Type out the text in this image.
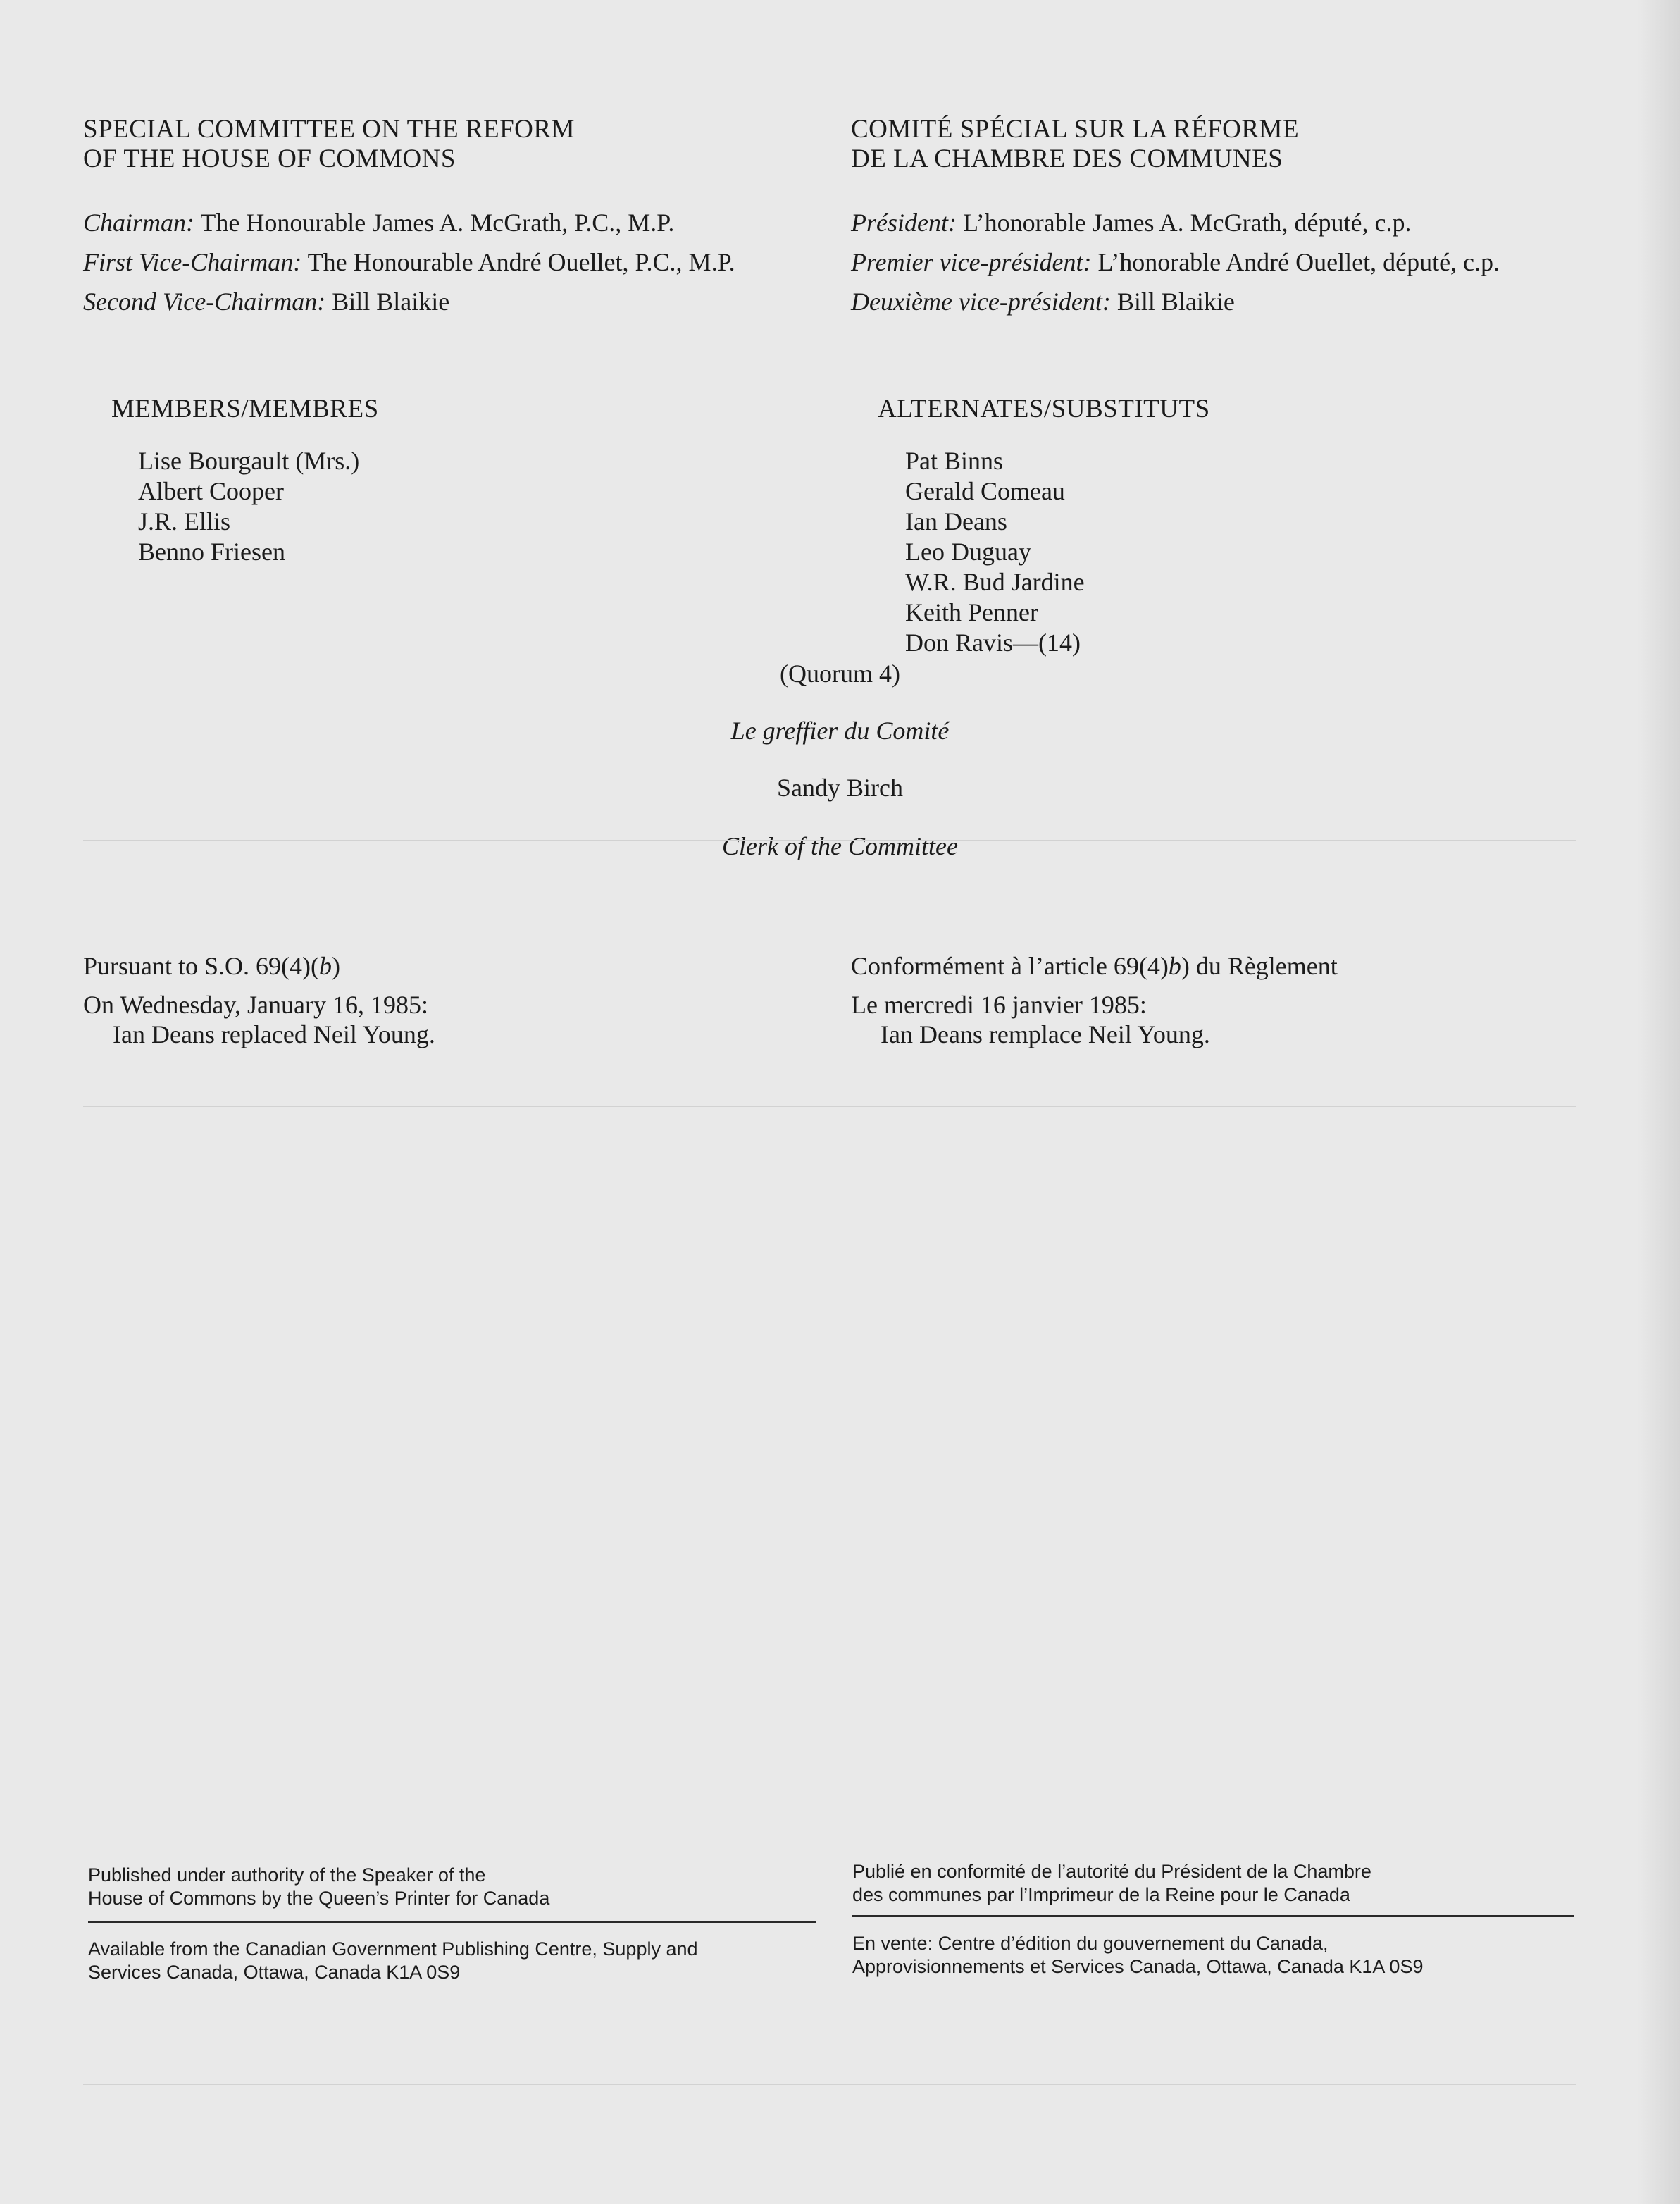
SPECIAL COMMITTEE ON THE REFORM

OF THE HOUSE OF COMMONS

Chairman: The Honourable James A. McGrath, P.C., M.P.

First Vice-Chairman: The Honourable André Ouellet, P.C., M.P.

Second Vice-Chairman: Bill Blaikie

MEMBERS/MEMBRES

Lise Bourgault (Mrs.)
Albert Cooper
J.R. Ellis
Benno Friesen

COMITÉ SPÉCIAL SUR LA RÉFORME

DE LA CHAMBRE DES COMMUNES

Président: L’honorable James A. McGrath, député, c.p.

Premier vice-président: L’honorable André Ouellet, député, c.p.

Deuxième vice-président: Bill Blaikie

ALTERNATES/SUBSTITUTS

Pat Binns
Gerald Comeau
Ian Deans
Leo Duguay
W.R. Bud Jardine
Keith Penner
Don Ravis—(14)
(Quorum 4)
Le greffier du Comité
Sandy Birch
Clerk of the Committee

Pursuant to S.O. 69(4)(b)

On Wednesday, January 16, 1985:

Ian Deans replaced Neil Young.

Conformément à l’article 69(4)b) du Règlement

Le mercredi 16 janvier 1985:

Ian Deans remplace Neil Young.

Published under authority of the Speaker of the

House of Commons by the Queen’s Printer for Canada

Available from the Canadian Government Publishing Centre, Supply and

Services Canada, Ottawa, Canada K1A 0S9

Publié en conformité de l’autorité du Président de la Chambre

des communes par l’Imprimeur de la Reine pour le Canada

En vente: Centre d’édition du gouvernement du Canada,

Approvisionnements et Services Canada, Ottawa, Canada K1A 0S9
